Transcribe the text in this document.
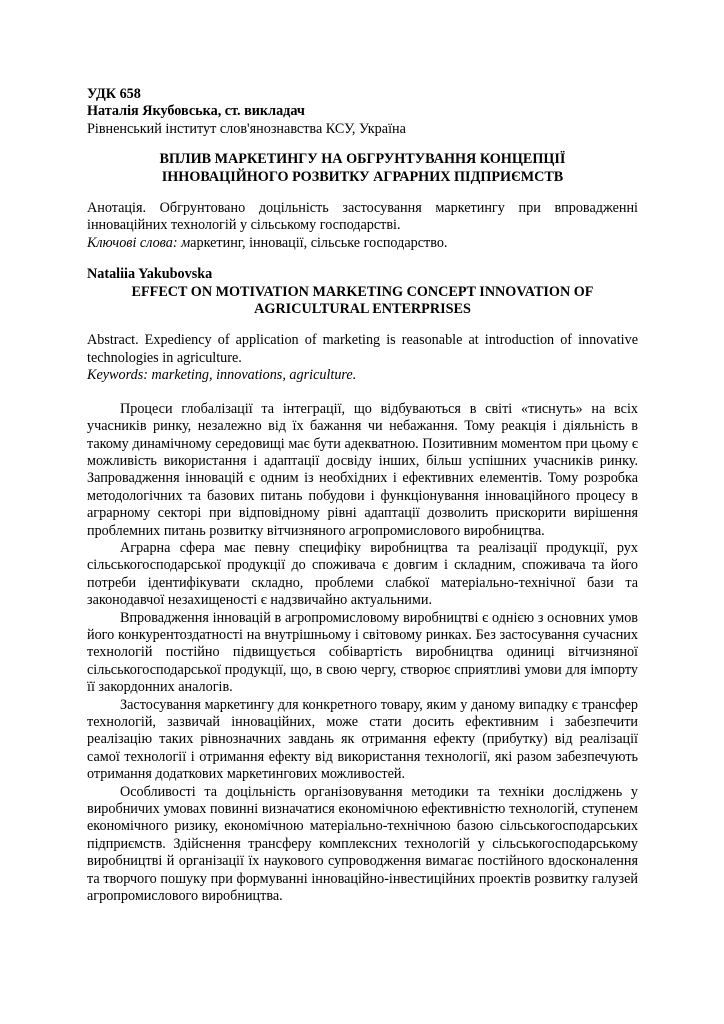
УДК 658

Наталія Якубовська, ст. викладач

Рівненський інститут слов'янознавства КСУ, Україна

ВПЛИВ МАРКЕТИНГУ НА ОБГРУНТУВАННЯ КОНЦЕПЦІЇ

ІННОВАЦІЙНОГО РОЗВИТКУ АГРАРНИХ ПІДПРИЄМСТВ

Анотація. Обгрунтовано доцільність застосування маркетингу при впровадженні інноваційних технологій у сільському господарстві.

Ключові слова: маркетинг, інновації, сільське господарство.

Nataliia Yakubovska

EFFECT ON MOTIVATION MARKETING CONCEPT INNOVATION OF

AGRICULTURAL ENTERPRISES

Abstract. Expediency of application of marketing is reasonable at introduction of innovative technologies in agriculture.

Keywords: marketing, innovations, agriculture.

Процеси глобалізації та інтеграції, що відбуваються в світі «тиснуть» на всіх учасників ринку, незалежно від їх бажання чи небажання. Тому реакція і діяльність в такому динамічному середовищі має бути адекватною. Позитивним моментом при цьому є можливість використання і адаптації досвіду інших, більш успішних учасників ринку. Запровадження інновацій є одним із необхідних і ефективних елементів. Тому розробка методологічних та базових питань побудови і функціонування інноваційного процесу в аграрному секторі при відповідному рівні адаптації дозволить прискорити вирішення проблемних питань розвитку вітчизняного агропромислового виробництва.

Аграрна сфера має певну специфіку виробництва та реалізації продукції, рух сільськогосподарської продукції до споживача є довгим і складним, споживача та його потреби ідентифікувати складно, проблеми слабкої матеріально-технічної бази та законодавчої незахищеності є надзвичайно актуальними.

Впровадження інновацій в агропромисловому виробництві є однією з основних умов його конкурентоздатності на внутрішньому і світовому ринках. Без застосування сучасних технологій постійно підвищується собівартість виробництва одиниці вітчизняної сільськогосподарської продукції, що, в свою чергу, створює сприятливі умови для імпорту її закордонних аналогів.

Застосування маркетингу для конкретного товару, яким у даному випадку є трансфер технологій, зазвичай інноваційних, може стати досить ефективним і забезпечити реалізацію таких рівнозначних завдань як отримання ефекту (прибутку) від реалізації самої технології і отримання ефекту від використання технології, які разом забезпечують отримання додаткових маркетингових можливостей.

Особливості та доцільність організовування методики та техніки досліджень у виробничих умовах повинні визначатися економічною ефективністю технологій, ступенем економічного ризику, економічною матеріально-технічною базою сільськогосподарських підприємств. Здійснення трансферу комплексних технологій у сільськогосподарському виробництві й організації їх наукового супроводження вимагає постійного вдосконалення та творчого пошуку при формуванні інноваційно-інвестиційних проектів розвитку галузей агропромислового виробництва.
